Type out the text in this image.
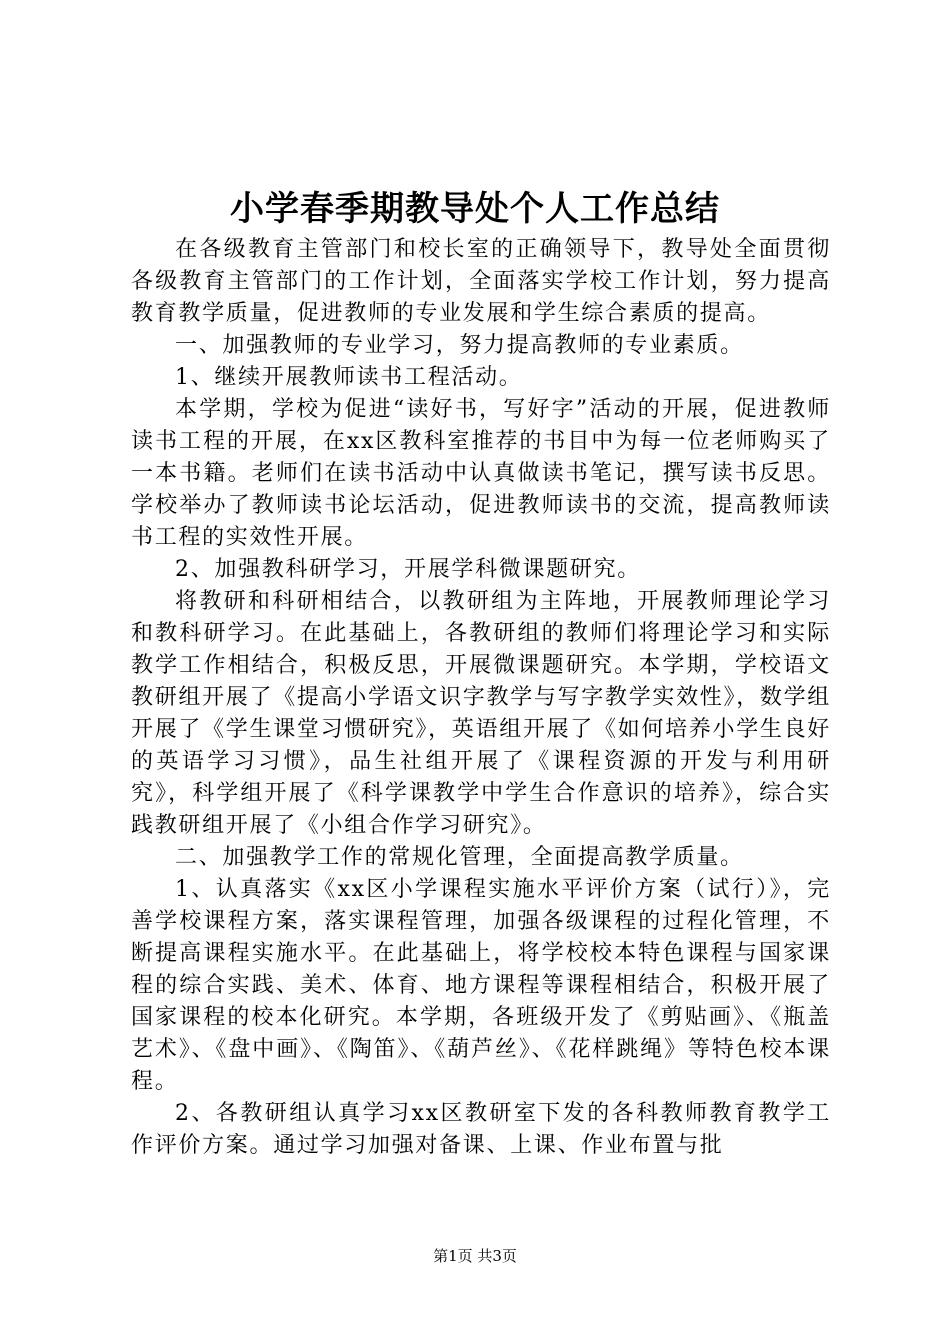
小学春季期教导处个人工作总结

在各级教育主管部门和校长室的正确领导下，教导处全面贯彻各级教育主管部门的工作计划，全面落实学校工作计划，努力提高教育教学质量，促进教师的专业发展和学生综合素质的提高。

一、加强教师的专业学习，努力提高教师的专业素质。

1、继续开展教师读书工程活动。

本学期，学校为促进“读好书，写好字”活动的开展，促进教师读书工程的开展，在xx区教科室推荐的书目中为每一位老师购买了一本书籍。老师们在读书活动中认真做读书笔记，撰写读书反思。学校举办了教师读书论坛活动，促进教师读书的交流，提高教师读书工程的实效性开展。

2、加强教科研学习，开展学科微课题研究。

将教研和科研相结合，以教研组为主阵地，开展教师理论学习和教科研学习。在此基础上，各教研组的教师们将理论学习和实际教学工作相结合，积极反思，开展微课题研究。本学期，学校语文教研组开展了《提高小学语文识字教学与写字教学实效性》，数学组开展了《学生课堂习惯研究》，英语组开展了《如何培养小学生良好的英语学习习惯》，品生社组开展了《课程资源的开发与利用研究》，科学组开展了《科学课教学中学生合作意识的培养》，综合实践教研组开展了《小组合作学习研究》。

二、加强教学工作的常规化管理，全面提高教学质量。

1、认真落实《xx区小学课程实施水平评价方案（试行）》，完善学校课程方案，落实课程管理，加强各级课程的过程化管理，不断提高课程实施水平。在此基础上，将学校校本特色课程与国家课程的综合实践、美术、体育、地方课程等课程相结合，积极开展了国家课程的校本化研究。本学期，各班级开发了《剪贴画》、《瓶盖艺术》、《盘中画》、《陶笛》、《葫芦丝》、《花样跳绳》等特色校本课程。

2、各教研组认真学习xx区教研室下发的各科教师教育教学工作评价方案。通过学习加强对备课、上课、作业布置与批

第1页 共3页
